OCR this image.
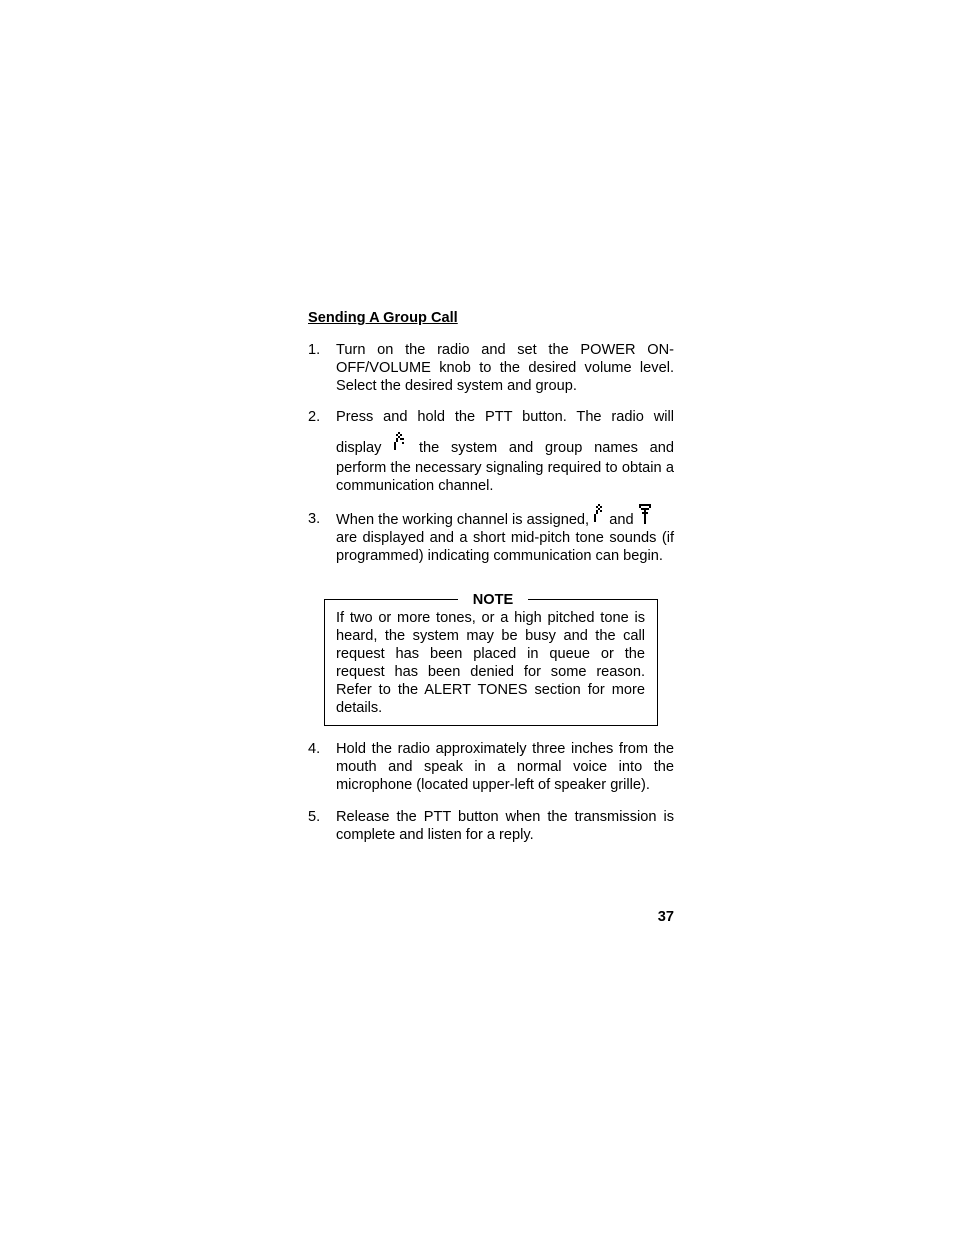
Sending A Group Call
1.	Turn on the radio and set the POWER ON-OFF/VOLUME knob to the desired volume level. Select the desired system and group.
2.	Press and hold the PTT button. The radio will
display	the system and group names and perform the necessary signaling required to obtain a communication channel.
3.	When the working channel is assigned, and
are displayed and a short mid-pitch tone sounds (if programmed) indicating communication can begin.
NOTE
If two or more tones, or a high pitched tone is heard, the system may be busy and the call request has been placed in queue or the request has been denied for some reason. Refer to the ALERT TONES section for more details.
4.	Hold the radio approximately three inches from the mouth and speak in a normal voice into the microphone (located upper-left of speaker grille).
5.	Release the PTT button when the transmission is complete and listen for a reply.
37
